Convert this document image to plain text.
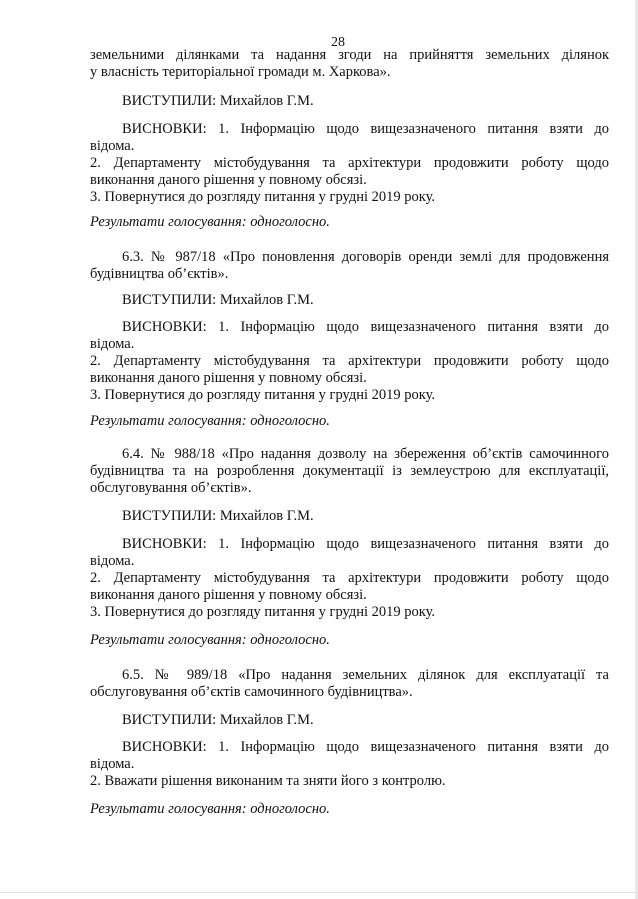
28

земельними ділянками та надання згоди на прийняття земельних ділянок

у власність територіальної громади м. Харкова».

ВИСТУПИЛИ: Михайлов Г.М.

ВИСНОВКИ: 1. Інформацію щодо вищезазначеного питання взяти до

відома.

2. Департаменту містобудування та архітектури продовжити роботу щодо

виконання даного рішення у повному обсязі.

3. Повернутися до розгляду питання у грудні 2019 року.

Результати голосування: одноголосно.

6.3. № 987/18 «Про поновлення договорів оренди землі для продовження

будівництва об’єктів».

ВИСТУПИЛИ: Михайлов Г.М.

ВИСНОВКИ: 1. Інформацію щодо вищезазначеного питання взяти до

відома.

2. Департаменту містобудування та архітектури продовжити роботу щодо

виконання даного рішення у повному обсязі.

3. Повернутися до розгляду питання у грудні 2019 року.

Результати голосування: одноголосно.

6.4. № 988/18 «Про надання дозволу на збереження об’єктів самочинного

будівництва та на розроблення документації із землеустрою для експлуатації,

обслуговування об’єктів».

ВИСТУПИЛИ: Михайлов Г.М.

ВИСНОВКИ: 1. Інформацію щодо вищезазначеного питання взяти до

відома.

2. Департаменту містобудування та архітектури продовжити роботу щодо

виконання даного рішення у повному обсязі.

3. Повернутися до розгляду питання у грудні 2019 року.

Результати голосування: одноголосно.

6.5. № 989/18 «Про надання земельних ділянок для експлуатації та

обслуговування об’єктів самочинного будівництва».

ВИСТУПИЛИ: Михайлов Г.М.

ВИСНОВКИ: 1. Інформацію щодо вищезазначеного питання взяти до

відома.

2. Вважати рішення виконаним та зняти його з контролю.

Результати голосування: одноголосно.
